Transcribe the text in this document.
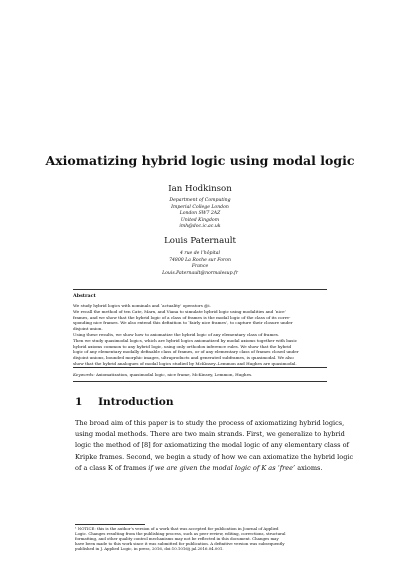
Axiomatizing hybrid logic using modal logic
Ian Hodkinson
Department of Computing
Imperial College London
London SW7 2AZ
United Kingdom
imh@doc.ic.ac.uk
Louis Paternault
4 rue de l’hôpital
74800 La Roche sur Foron
France
Louis.Paternault@normalesup.fr
Abstract
We study hybrid logics with nominals and ‘actuality’ operators @i.
We recall the method of ten Cate, Marx, and Viana to simulate hybrid logic using modalities and ‘nice’
frames, and we show that the hybrid logic of a class of frames is the modal logic of the class of its corre-
sponding nice frames. We also extend this definition to ‘fairly nice frames’, to capture their closure under
disjoint union.
Using these results, we show how to axiomatize the hybrid logic of any elementary class of frames.
Then we study quasimodal logics, which are hybrid logics axiomatized by modal axioms together with basic
hybrid axioms common to any hybrid logic, using only orthodox inference rules. We show that the hybrid
logic of any elementary modally definable class of frames, or of any elementary class of frames closed under
disjoint unions, bounded morphic images, ultraproducts and generated subframes, is quasimodal. We also
show that the hybrid analogues of modal logics studied by McKinsey–Lemmon and Hughes are quasimodal.
Keywords: Axiomatization, quasimodal logic, nice frame, McKinsey, Lemmon, Hughes.
1 Introduction
The broad aim of this paper is to study the process of axiomatizing hybrid logics,
using modal methods. There are two main strands. First, we generalize to hybrid
logic the method of [8] for axiomatizing the modal logic of any elementary class of
Kripke frames. Second, we begin a study of how we can axiomatize the hybrid logic
of a class K of frames if we are given the modal logic of K as ‘free’ axioms.
¹ NOTICE: this is the author’s version of a work that was accepted for publication in Journal of Applied
Logic. Changes resulting from the publishing process, such as peer review, editing, corrections, structural
formatting, and other quality control mechanisms may not be reflected in this document. Changes may
have been made to this work since it was submitted for publication. A definitive version was subsequently
published in J. Applied Logic, in press, 2016, doi:10.1016/j.jal.2016.04.001.
